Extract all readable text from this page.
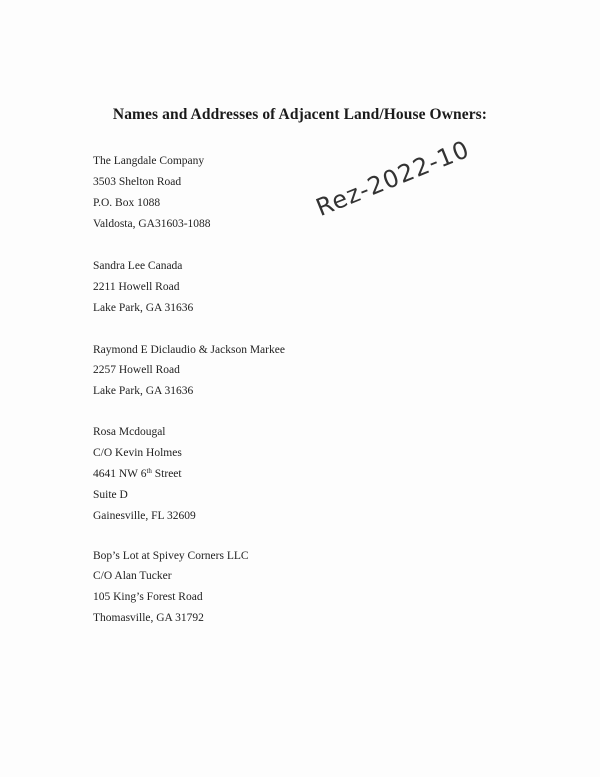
Names and Addresses of Adjacent Land/House Owners:
Rez-2022-10
The Langdale Company
3503 Shelton Road
P.O. Box 1088
Valdosta, GA31603-1088
Sandra Lee Canada
2211 Howell Road
Lake Park, GA 31636
Raymond E Diclaudio & Jackson Markee
2257 Howell Road
Lake Park, GA 31636
Rosa Mcdougal
C/O Kevin Holmes
4641 NW 6th Street
Suite D
Gainesville, FL 32609
Bop’s Lot at Spivey Corners LLC
C/O Alan Tucker
105 King’s Forest Road
Thomasville, GA 31792
